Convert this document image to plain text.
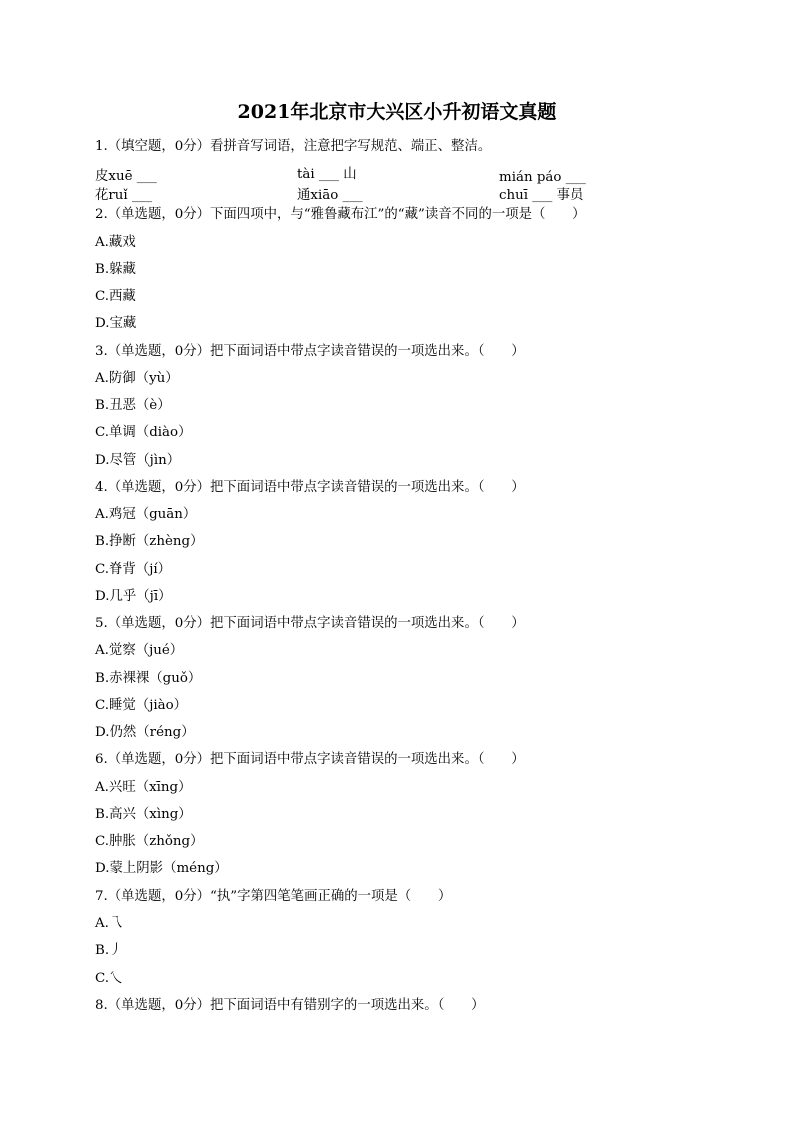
2021年北京市大兴区小升初语文真题
1.（填空题，0分）看拼音写词语，注意把字写规范、端正、整洁。
皮xuē ___	tài ___ 山	mián páo ___
花ruǐ ___	通xiāo ___	chuī ___ 事员
2.（单选题，0分）下面四项中，与“雅鲁藏布江”的“藏”读音不同的一项是（　　）
A.藏戏
B.躲藏
C.西藏
D.宝藏
3.（单选题，0分）把下面词语中带点字读音错误的一项选出来。（　　）
A.防御（yù）
B.丑恶（è）
C.单调（diào）
D.尽管（jìn）
4.（单选题，0分）把下面词语中带点字读音错误的一项选出来。（　　）
A.鸡冠（guān）
B.挣断（zhèng）
C.脊背（jí）
D.几乎（jī）
5.（单选题，0分）把下面词语中带点字读音错误的一项选出来。（　　）
A.觉察（jué）
B.赤裸裸（guǒ）
C.睡觉（jiào）
D.仍然（réng）
6.（单选题，0分）把下面词语中带点字读音错误的一项选出来。（　　）
A.兴旺（xīng）
B.高兴（xìng）
C.肿胀（zhǒng）
D.蒙上阴影（méng）
7.（单选题，0分）“执”字第四笔笔画正确的一项是（　　）
A.乁
B.丿
C.乀
8.（单选题，0分）把下面词语中有错别字的一项选出来。（　　）
